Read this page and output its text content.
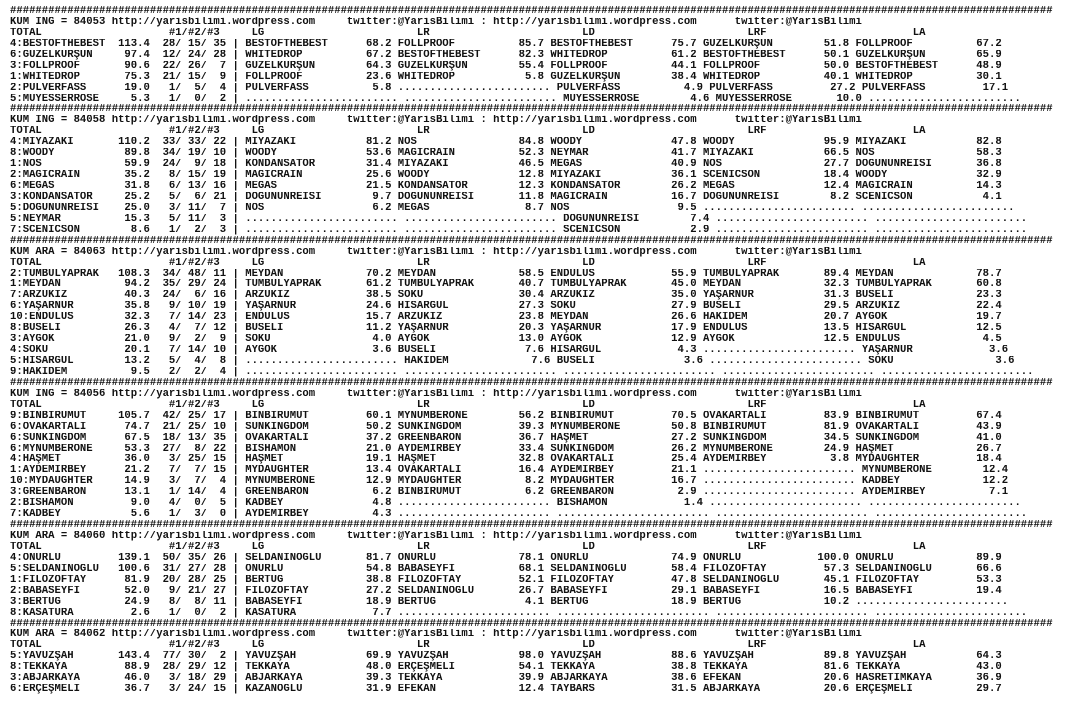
####################################################################################################################################################################
KUM ING = 84053 http://yarisbilimi.wordpress.com     twitter:@YarisBilimi : http://yarisbilimi.wordpress.com      twitter:@YarisBilimi
TOTAL                    #1/#2/#3     LG                        LR                        LD                        LRF                       LA
4:BESTOFTHEBEST  113.4  28/ 15/ 35 | BESTOFTHEBEST      68.2 FOLLPROOF          85.7 BESTOFTHEBEST      75.7 GÜZELKURŞUN        51.8 FOLLPROOF          67.2
6:GÜZELKURŞUN     97.4  12/ 24/ 28 | WHITEDROP          67.2 BESTOFTHEBEST      82.3 WHITEDROP          61.2 BESTOFTHEBEST      50.1 GÜZELKURŞUN        65.9
3:FOLLPROOF       90.6  22/ 26/  7 | GÜZELKURŞUN        64.3 GÜZELKURŞUN        55.4 FOLLPROOF          44.1 FOLLPROOF          50.0 BESTOFTHEBEST      48.9
1:WHITEDROP       75.3  21/ 15/  9 | FOLLPROOF          23.6 WHITEDROP           5.8 GÜZELKURŞUN        38.4 WHITEDROP          40.1 WHITEDROP          30.1
2:PULVERFASS      19.0   1/  5/  4 | PULVERFASS          5.8 ........................ PULVERFASS          4.9 PULVERFASS         27.2 PULVERFASS         17.1
5:MÜYESSERROSE     5.3   1/  0/  2 | ........................ ........................ MÜYESSERROSE        4.6 MÜYESSERROSE       10.0 ........................
####################################################################################################################################################################
KUM ING = 84058 http://yarisbilimi.wordpress.com     twitter:@YarisBilimi : http://yarisbilimi.wordpress.com      twitter:@YarisBilimi
TOTAL                    #1/#2/#3     LG                        LR                        LD                        LRF                       LA
4:MİYAZAKİ       110.2  33/ 33/ 22 | MİYAZAKİ           81.2 NOS                84.8 WOODY              47.8 WOODY              95.9 MİYAZAKİ           82.8
8:WOODY           89.8  34/ 19/ 10 | WOODY              53.6 MAGICRAIN          52.3 NEYMAR             41.7 MİYAZAKİ           66.5 NOS                58.3
1:NOS             59.9  24/  9/ 18 | KONDANSATÖR        31.4 MİYAZAKİ           46.5 MEGAS              40.9 NOS                27.7 DOĞUNUNREİSİ       36.8
2:MAGICRAIN       35.2   8/ 15/ 19 | MAGICRAIN          25.6 WOODY              12.8 MİYAZAKİ           36.1 SCENICSON          18.4 WOODY              32.9
6:MEGAS           31.8   6/ 13/ 16 | MEGAS              21.5 KONDANSATÖR        12.3 KONDANSATÖR        26.2 MEGAS              12.4 MAGICRAIN          14.3
3:KONDANSATÖR     25.2   5/  6/ 21 | DOĞUNUNREİSİ        9.7 DOĞUNUNREİSİ       11.8 MAGICRAIN          16.7 DOĞUNUNREİSİ        8.2 SCENICSON           4.1
5:DOĞUNUNREİSİ    25.0   3/ 11/  7 | NOS                 6.2 MEGAS               8.7 NOS                 9.5 ........................ ........................
5:NEYMAR          15.3   5/ 11/  3 | ........................ ........................ DOĞUNUNREİSİ        7.4 ........................ ........................
7:SCENICSON        8.6   1/  2/  3 | ........................ ........................ SCENICSON           2.9 ........................ ........................
####################################################################################################################################################################
KUM ARA = 84063 http://yarisbilimi.wordpress.com     twitter:@YarisBilimi : http://yarisbilimi.wordpress.com      twitter:@YarisBilimi
TOTAL                    #1/#2/#3     LG                        LR                        LD                        LRF                       LA
2:TUMBULYAPRAK   108.3  34/ 48/ 11 | MEYDAN             70.2 MEYDAN             58.5 ENDÜLÜS            55.9 TUMBULYAPRAK       89.4 MEYDAN             78.7
1:MEYDAN          94.2  35/ 29/ 24 | TUMBULYAPRAK       61.2 TUMBULYAPRAK       40.7 TUMBULYAPRAK       45.0 MEYDAN             32.3 TUMBULYAPRAK       60.8
7:ARZUKIZ         40.3  24/  6/ 16 | ARZUKIZ            38.5 SOKU               30.4 ARZUKIZ            35.0 YAŞARNUR           31.3 BUSELİ             23.3
6:YAŞARNUR        35.8   9/ 10/ 19 | YAŞARNUR           24.6 HİSARGÜL           27.3 SOKU               27.9 BUSELİ             29.5 ARZUKIZ            22.4
10:ENDÜLÜS        32.3   7/ 14/ 23 | ENDÜLÜS            15.7 ARZUKIZ            23.8 MEYDAN             26.6 HAKİDEM            20.7 AYGÖK              19.7
8:BUSELİ          26.3   4/  7/ 12 | BUSELİ             11.2 YAŞARNUR           20.3 YAŞARNUR           17.9 ENDÜLÜS            13.5 HİSARGÜL           12.5
3:AYGÖK           21.0   9/  2/  9 | SOKU                4.0 AYGÖK              13.0 AYGÖK              12.9 AYGÖK              12.5 ENDÜLÜS             4.5
4:SOKU            20.1   7/ 14/ 10 | AYGÖK               3.6 BUSELİ              7.6 HİSARGÜL            4.3 ........................ YAŞARNUR            3.6
5:HİSARGÜL        13.2   5/  4/  8 | ........................ HAKİDEM             7.6 BUSELİ              3.6 ........................ SOKU                3.6
9:HAKİDEM          9.5   2/  2/  4 | ........................ ........................ ........................ ........................ ........................
####################################################################################################################################################################
KUM ING = 84056 http://yarisbilimi.wordpress.com     twitter:@YarisBilimi : http://yarisbilimi.wordpress.com      twitter:@YarisBilimi
TOTAL                    #1/#2/#3     LG                        LR                        LD                        LRF                       LA
9:BİNBİRUMUT     105.7  42/ 25/ 17 | BİNBİRUMUT         60.1 MYNUMBERONE        56.2 BİNBİRUMUT         70.5 OVAKARTALI         83.9 BİNBİRUMUT         67.4
6:OVAKARTALI      74.7  21/ 25/ 10 | SUNKINGDOM         50.2 SUNKINGDOM         39.3 MYNUMBERONE        50.8 BİNBİRUMUT         81.9 OVAKARTALI         43.9
6:SUNKINGDOM      67.5  18/ 13/ 35 | OVAKARTALI         37.2 GREENBARON         36.7 HAŞMET             27.2 SUNKINGDOM         34.5 SUNKINGDOM         41.0
6:MYNUMBERONE     53.3  27/  8/ 22 | BİSHAMON           21.0 AYDEMİRBEY         33.4 SUNKINGDOM         26.2 MYNUMBERONE        24.9 HAŞMET             26.7
4:HAŞMET          36.0   3/ 25/ 15 | HAŞMET             19.1 HAŞMET             32.8 OVAKARTALI         25.4 AYDEMİRBEY          3.8 MYDAUGHTER         18.4
1:AYDEMİRBEY      21.2   7/  7/ 15 | MYDAUGHTER         13.4 OVAKARTALI         16.4 AYDEMİRBEY         21.1 ........................ MYNUMBERONE        12.4
10:MYDAUGHTER     14.9   3/  7/  4 | MYNUMBERONE        12.9 MYDAUGHTER          8.2 MYDAUGHTER         16.7 ........................ KADBEY             12.2
3:GREENBARON      13.1   1/ 14/  4 | GREENBARON          6.2 BİNBİRUMUT          6.2 GREENBARON          2.9 ........................ AYDEMİRBEY          7.1
2:BİSHAMON         9.0   4/  0/  5 | KADBEY              4.8 ........................ BİSHAMON            1.4 ........................ ........................
7:KADBEY           5.6   1/  3/  0 | AYDEMİRBEY          4.3 ........................ ........................ ........................ ........................
####################################################################################################################################################################
KUM ARA = 84060 http://yarisbilimi.wordpress.com     twitter:@YarisBilimi : http://yarisbilimi.wordpress.com      twitter:@YarisBilimi
TOTAL                    #1/#2/#3     LG                        LR                        LD                        LRF                       LA
4:ONURLU         139.1  50/ 35/ 26 | SELDANINOĞLU       81.7 ONURLU             78.1 ONURLU             74.9 ONURLU            100.0 ONURLU             89.9
5:SELDANINOĞLU   100.6  31/ 27/ 28 | ONURLU             54.8 BABASEYFİ          68.1 SELDANINOĞLU       58.4 FİLOZOFTAY         57.3 SELDANINOĞLU       66.6
1:FİLOZOFTAY      81.9  20/ 28/ 25 | BERTUĞ             38.8 FİLOZOFTAY         52.1 FİLOZOFTAY         47.8 SELDANINOĞLU       45.1 FİLOZOFTAY         53.3
2:BABASEYFİ       52.0   9/ 21/ 27 | FİLOZOFTAY         27.2 SELDANINOĞLU       26.7 BABASEYFİ          29.1 BABASEYFİ          16.5 BABASEYFİ          19.4
3:BERTUĞ          24.9   8/  8/ 11 | BABASEYFİ          18.9 BERTUĞ              4.1 BERTUĞ             18.9 BERTUĞ             10.2 ........................
8:KASATURA         2.6   1/  0/  2 | KASATURA            7.7 ........................ ........................ ........................ ........................
####################################################################################################################################################################
KUM ARA = 84062 http://yarisbilimi.wordpress.com     twitter:@YarisBilimi : http://yarisbilimi.wordpress.com      twitter:@YarisBilimi
TOTAL                    #1/#2/#3     LG                        LR                        LD                        LRF                       LA
5:YAVUZŞAH       143.4  77/ 30/  2 | YAVUZŞAH           69.9 YAVUZŞAH           98.0 YAVUZŞAH           88.6 YAVUZŞAH           89.8 YAVUZŞAH           64.3
8:TEKKAYA         88.9  28/ 29/ 12 | TEKKAYA            48.0 ERÇEŞMELİ          54.1 TEKKAYA            38.8 TEKKAYA            81.6 TEKKAYA            43.0
3:ABJARKAYA       46.0   3/ 18/ 29 | ABJARKAYA          39.3 TEKKAYA            39.9 ABJARKAYA          38.6 EFEKAN             20.6 HASRETİMKAYA       36.9
6:ERÇEŞMELİ       36.7   3/ 24/ 15 | KAZANOĞLU          31.9 EFEKAN             12.4 TAYBARS            31.5 ABJARKAYA          20.6 ERÇEŞMELİ          29.7
